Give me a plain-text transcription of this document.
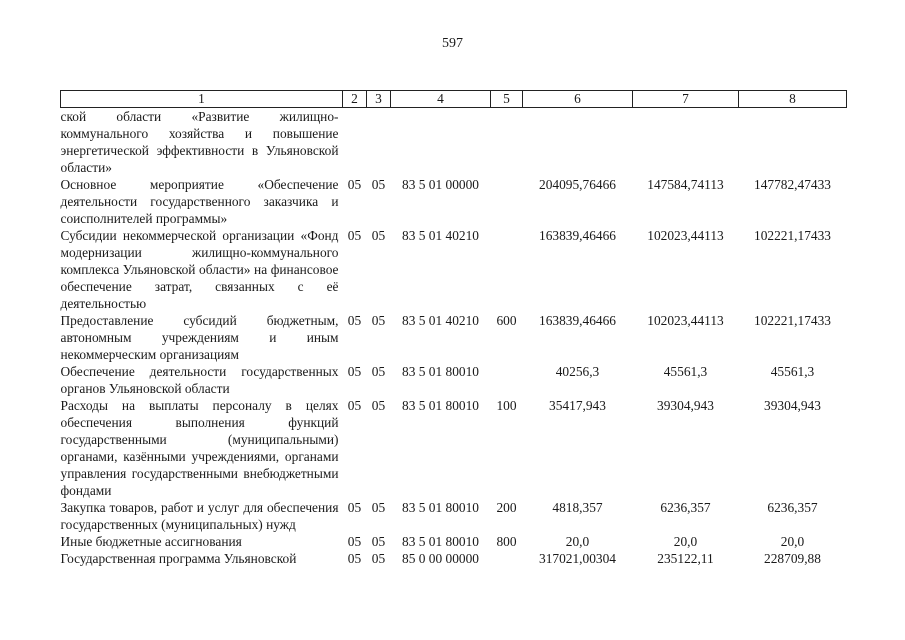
597
1	2	3	4	5	6	7	8
ской области «Развитие жилищно-коммунального хозяйства и повышение энергетической эффективности в Ульяновской области»							
Основное мероприятие «Обеспечение деятельности государственного заказчика и соисполнителей программы»	05	05	83 5 01 00000		204095,76466	147584,74113	147782,47433
Субсидии некоммерческой организации «Фонд модернизации жилищно-коммунального комплекса Ульяновской области» на финансовое обеспечение затрат, связанных с её деятельностью	05	05	83 5 01 40210		163839,46466	102023,44113	102221,17433
Предоставление субсидий бюджетным, автономным учреждениям и иным некоммерческим организациям	05	05	83 5 01 40210	600	163839,46466	102023,44113	102221,17433
Обеспечение деятельности государственных органов Ульяновской области	05	05	83 5 01 80010		40256,3	45561,3	45561,3
Расходы на выплаты персоналу в целях обеспечения выполнения функций государственными (муниципальными) органами, казёнными учреждениями, органами управления государственными внебюджетными фондами	05	05	83 5 01 80010	100	35417,943	39304,943	39304,943
Закупка товаров, работ и услуг для обеспечения государственных (муниципальных) нужд	05	05	83 5 01 80010	200	4818,357	6236,357	6236,357
Иные бюджетные ассигнования	05	05	83 5 01 80010	800	20,0	20,0	20,0
Государственная программа Ульяновской	05	05	85 0 00 00000		317021,00304	235122,11	228709,88
